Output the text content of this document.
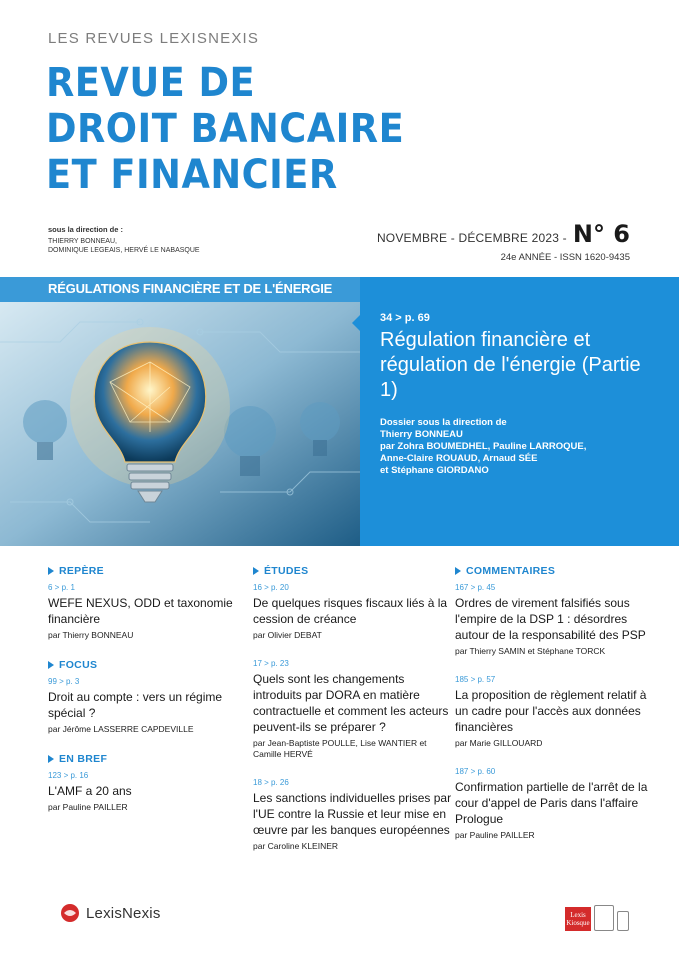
LES REVUES LEXISNEXIS
REVUE DE
DROIT BANCAIRE
ET FINANCIER
sous la direction de :
THIERRY BONNEAU,
DOMINIQUE LEGEAIS, HERVÉ LE NABASQUE
NOVEMBRE - DÉCEMBRE 2023 - N° 6
24e ANNÉE - ISSN 1620-9435
RÉGULATIONS FINANCIÈRE ET DE L'ÉNERGIE
34 > p. 69
Régulation financière et régulation de l'énergie (Partie 1)
Dossier sous la direction de
Thierry BONNEAU
par Zohra BOUMEDHEL, Pauline LARROQUE,
Anne-Claire ROUAUD, Arnaud SÉE
et Stéphane GIORDANO
REPÈRE
6 > p. 1
WEFE NEXUS, ODD et taxonomie financière
par Thierry BONNEAU
FOCUS
99 > p. 3
Droit au compte : vers un régime spécial ?
par Jérôme LASSERRE CAPDEVILLE
EN BREF
123 > p. 16
L'AMF a 20 ans
par Pauline PAILLER
ÉTUDES
16 > p. 20
De quelques risques fiscaux liés à la cession de créance
par Olivier DEBAT
17 > p. 23
Quels sont les changements introduits par DORA en matière contractuelle et comment les acteurs peuvent-ils se préparer ?
par Jean-Baptiste POULLE, Lise WANTIER et Camille HERVÉ
18 > p. 26
Les sanctions individuelles prises par l'UE contre la Russie et leur mise en œuvre par les banques européennes
par Caroline KLEINER
COMMENTAIRES
167 > p. 45
Ordres de virement falsifiés sous l'empire de la DSP 1 : désordres autour de la responsabilité des PSP
par Thierry SAMIN et Stéphane TORCK
185 > p. 57
La proposition de règlement relatif à un cadre pour l'accès aux données financières
par Marie GILLOUARD
187 > p. 60
Confirmation partielle de l'arrêt de la cour d'appel de Paris dans l'affaire Prologue
par Pauline PAILLER
LexisNexis	Lexis Kiosque
